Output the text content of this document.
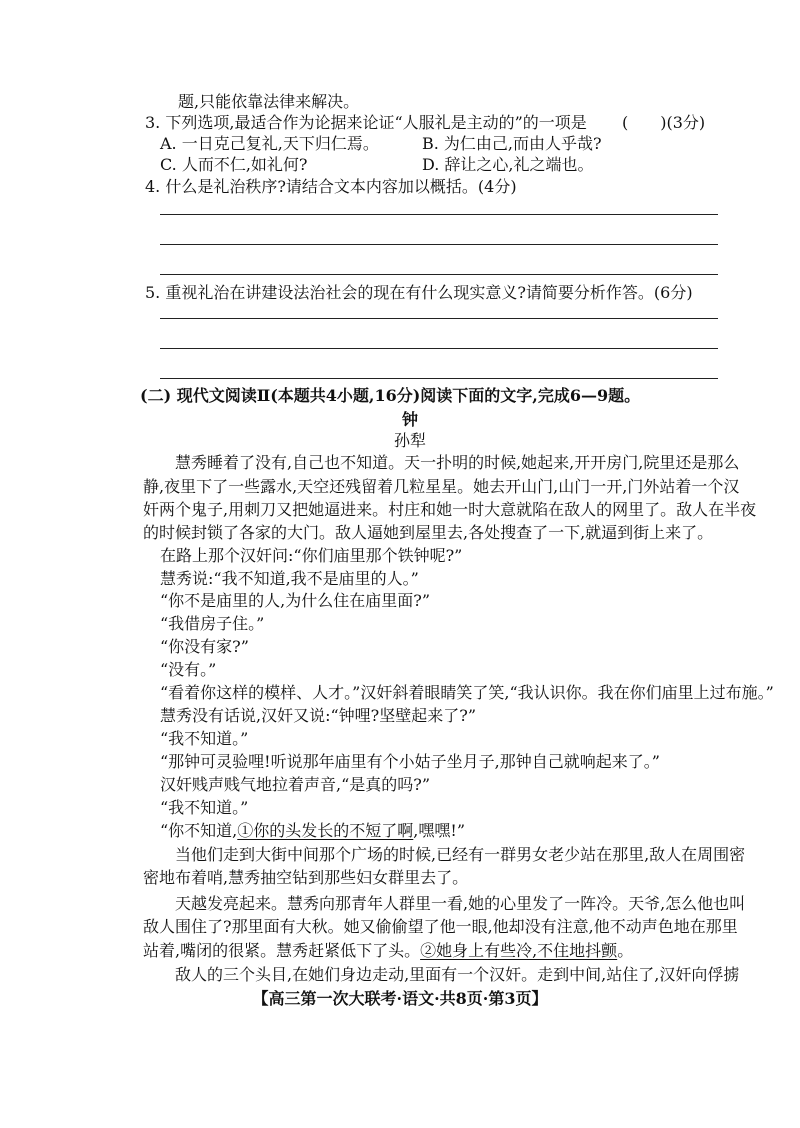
题,只能依靠法律来解决。
3. 下列选项,最适合作为论据来论证“人服礼是主动的”的一项是 (　　)(3分)
A. 一日克己复礼,天下归仁焉。	B. 为仁由己,而由人乎哉?
C. 人而不仁,如礼何?	D. 辞让之心,礼之端也。
4. 什么是礼治秩序?请结合文本内容加以概括。(4分)
5. 重视礼治在讲建设法治社会的现在有什么现实意义?请简要分析作答。(6分)
(二) 现代文阅读Ⅱ(本题共4小题,16分)阅读下面的文字,完成6—9题。
钟
孙犁
慧秀睡着了没有,自己也不知道。天一扑明的时候,她起来,开开房门,院里还是那么
静,夜里下了一些露水,天空还残留着几粒星星。她去开山门,山门一开,门外站着一个汉
奸两个鬼子,用刺刀又把她逼进来。村庄和她一时大意就陷在敌人的网里了。敌人在半夜
的时候封锁了各家的大门。敌人逼她到屋里去,各处搜查了一下,就逼到街上来了。
在路上那个汉奸问:“你们庙里那个铁钟呢?”
慧秀说:“我不知道,我不是庙里的人。”
“你不是庙里的人,为什么住在庙里面?”
“我借房子住。”
“你没有家?”
“没有。”
“看着你这样的模样、人才。”汉奸斜着眼睛笑了笑,“我认识你。我在你们庙里上过布施。”
慧秀没有话说,汉奸又说:“钟哩?坚壁起来了?”
“我不知道。”
“那钟可灵验哩!听说那年庙里有个小姑子坐月子,那钟自己就响起来了。”
汉奸贱声贱气地拉着声音,“是真的吗?”
“我不知道。”
“你不知道,①你的头发长的不短了啊,嘿嘿!”
当他们走到大街中间那个广场的时候,已经有一群男女老少站在那里,敌人在周围密
密地布着哨,慧秀抽空钻到那些妇女群里去了。
天越发亮起来。慧秀向那青年人群里一看,她的心里发了一阵冷。天爷,怎么他也叫
敌人围住了?那里面有大秋。她又偷偷望了他一眼,他却没有注意,他不动声色地在那里
站着,嘴闭的很紧。慧秀赶紧低下了头。②她身上有些冷,不住地抖颤。
敌人的三个头目,在她们身边走动,里面有一个汉奸。走到中间,站住了,汉奸向俘掳
【高三第一次大联考·语文·共8页·第3页】
